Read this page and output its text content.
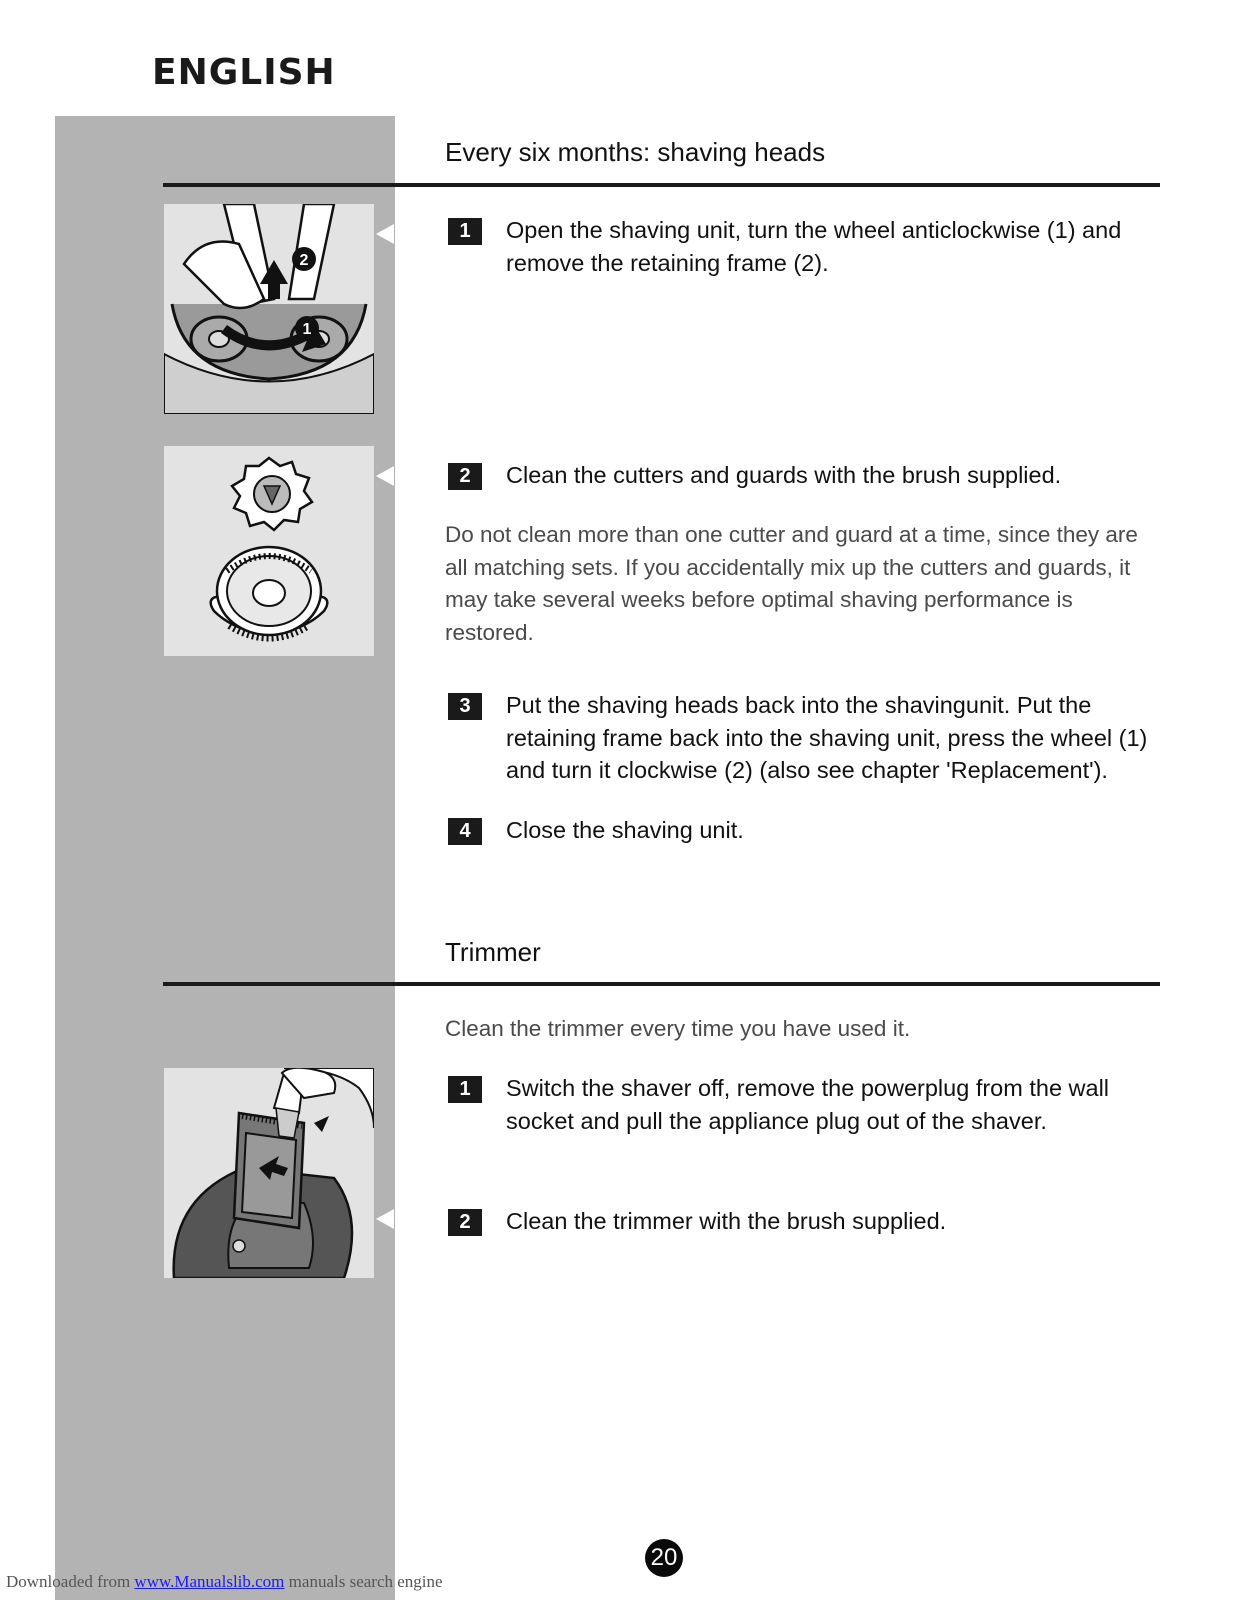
ENGLISH
Every six months: shaving heads
2
1
1	Open the shaving unit, turn the wheel anticlockwise (1) and remove the retaining frame (2).
2	Clean the cutters and guards with the brush supplied.
Do not clean more than one cutter and guard at a time, since they are all matching sets. If you accidentally mix up the cutters and guards, it may take several weeks before optimal shaving performance is restored.
3	Put the shaving heads back into the shavingunit. Put the retaining frame back into the shaving unit, press the wheel (1) and turn it clockwise (2) (also see chapter 'Replacement').
4	Close the shaving unit.
Trimmer
Clean the trimmer every time you have used it.
1	Switch the shaver off, remove the powerplug from the wall socket and pull the appliance plug out of the shaver.
2	Clean the trimmer with the brush supplied.
20
Downloaded from www.Manualslib.com manuals search engine
